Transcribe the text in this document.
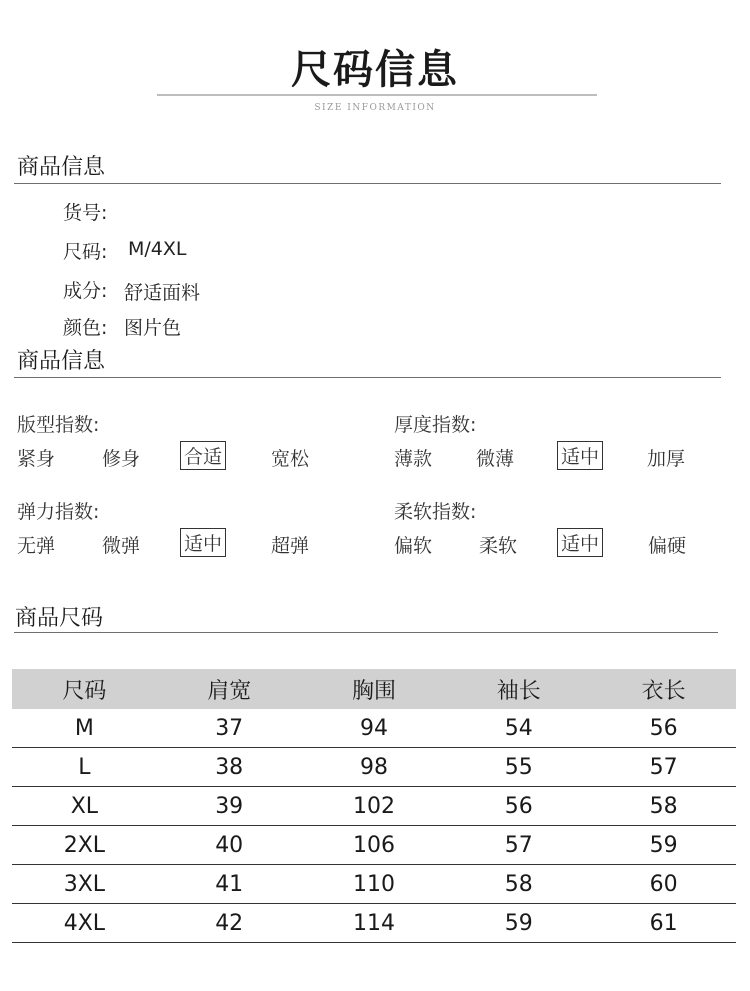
尺码信息
SIZE INFORMATION
商品信息
货号:
尺码: M/4XL
成分: 舒适面料
颜色: 图片色
商品信息
版型指数:
紧身 修身 合适	宽松
厚度指数:
薄款 微薄 适中	加厚
弹力指数:
无弹 微弹 适中	超弹
柔软指数:
偏软 柔软 适中	偏硬
商品尺码
尺码	肩宽	胸围	袖长	衣长
M	37	94	54	56
L	38	98	55	57
XL	39	102	56	58
2XL	40	106	57	59
3XL	41	110	58	60
4XL	42	114	59	61
